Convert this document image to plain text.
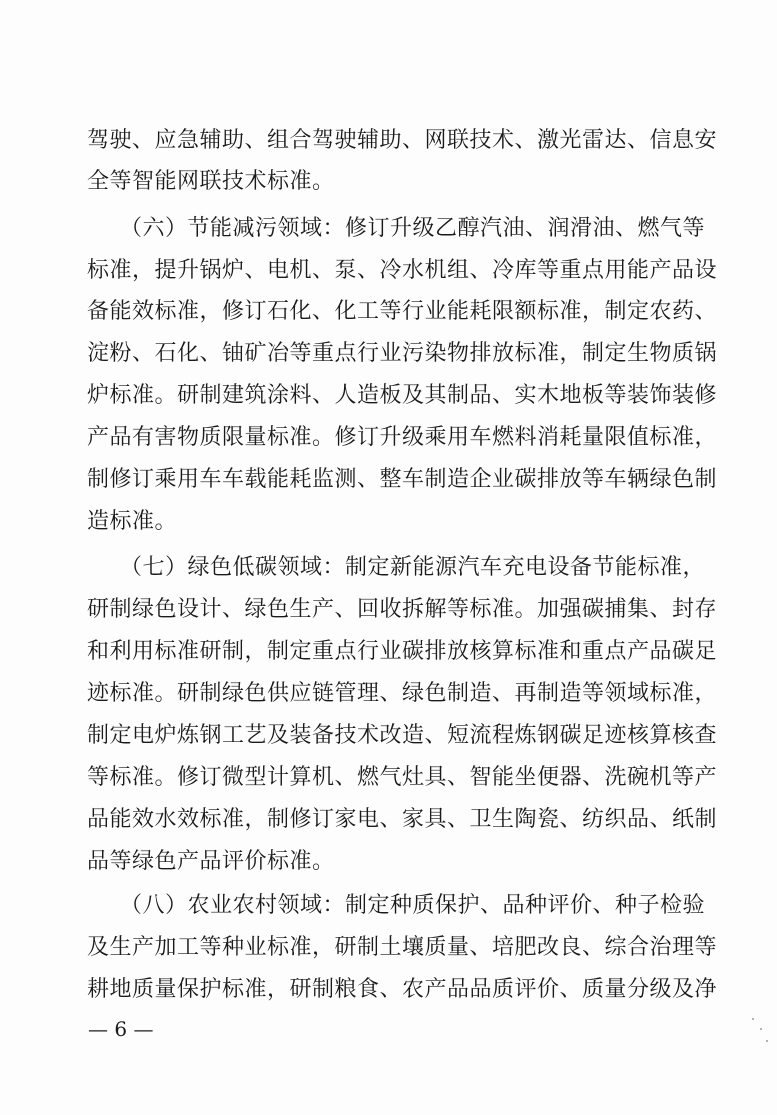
驾驶、应急辅助、组合驾驶辅助、网联技术、激光雷达、信息安
全等智能网联技术标准。
（六）节能减污领域：修订升级乙醇汽油、润滑油、燃气等
标准，提升锅炉、电机、泵、冷水机组、冷库等重点用能产品设
备能效标准，修订石化、化工等行业能耗限额标准，制定农药、
淀粉、石化、铀矿冶等重点行业污染物排放标准，制定生物质锅
炉标准。研制建筑涂料、人造板及其制品、实木地板等装饰装修
产品有害物质限量标准。修订升级乘用车燃料消耗量限值标准，
制修订乘用车车载能耗监测、整车制造企业碳排放等车辆绿色制
造标准。
（七）绿色低碳领域：制定新能源汽车充电设备节能标准，
研制绿色设计、绿色生产、回收拆解等标准。加强碳捕集、封存
和利用标准研制，制定重点行业碳排放核算标准和重点产品碳足
迹标准。研制绿色供应链管理、绿色制造、再制造等领域标准，
制定电炉炼钢工艺及装备技术改造、短流程炼钢碳足迹核算核查
等标准。修订微型计算机、燃气灶具、智能坐便器、洗碗机等产
品能效水效标准，制修订家电、家具、卫生陶瓷、纺织品、纸制
品等绿色产品评价标准。
（八）农业农村领域：制定种质保护、品种评价、种子检验
及生产加工等种业标准，研制土壤质量、培肥改良、综合治理等
耕地质量保护标准，研制粮食、农产品品质评价、质量分级及净
— 6 —
